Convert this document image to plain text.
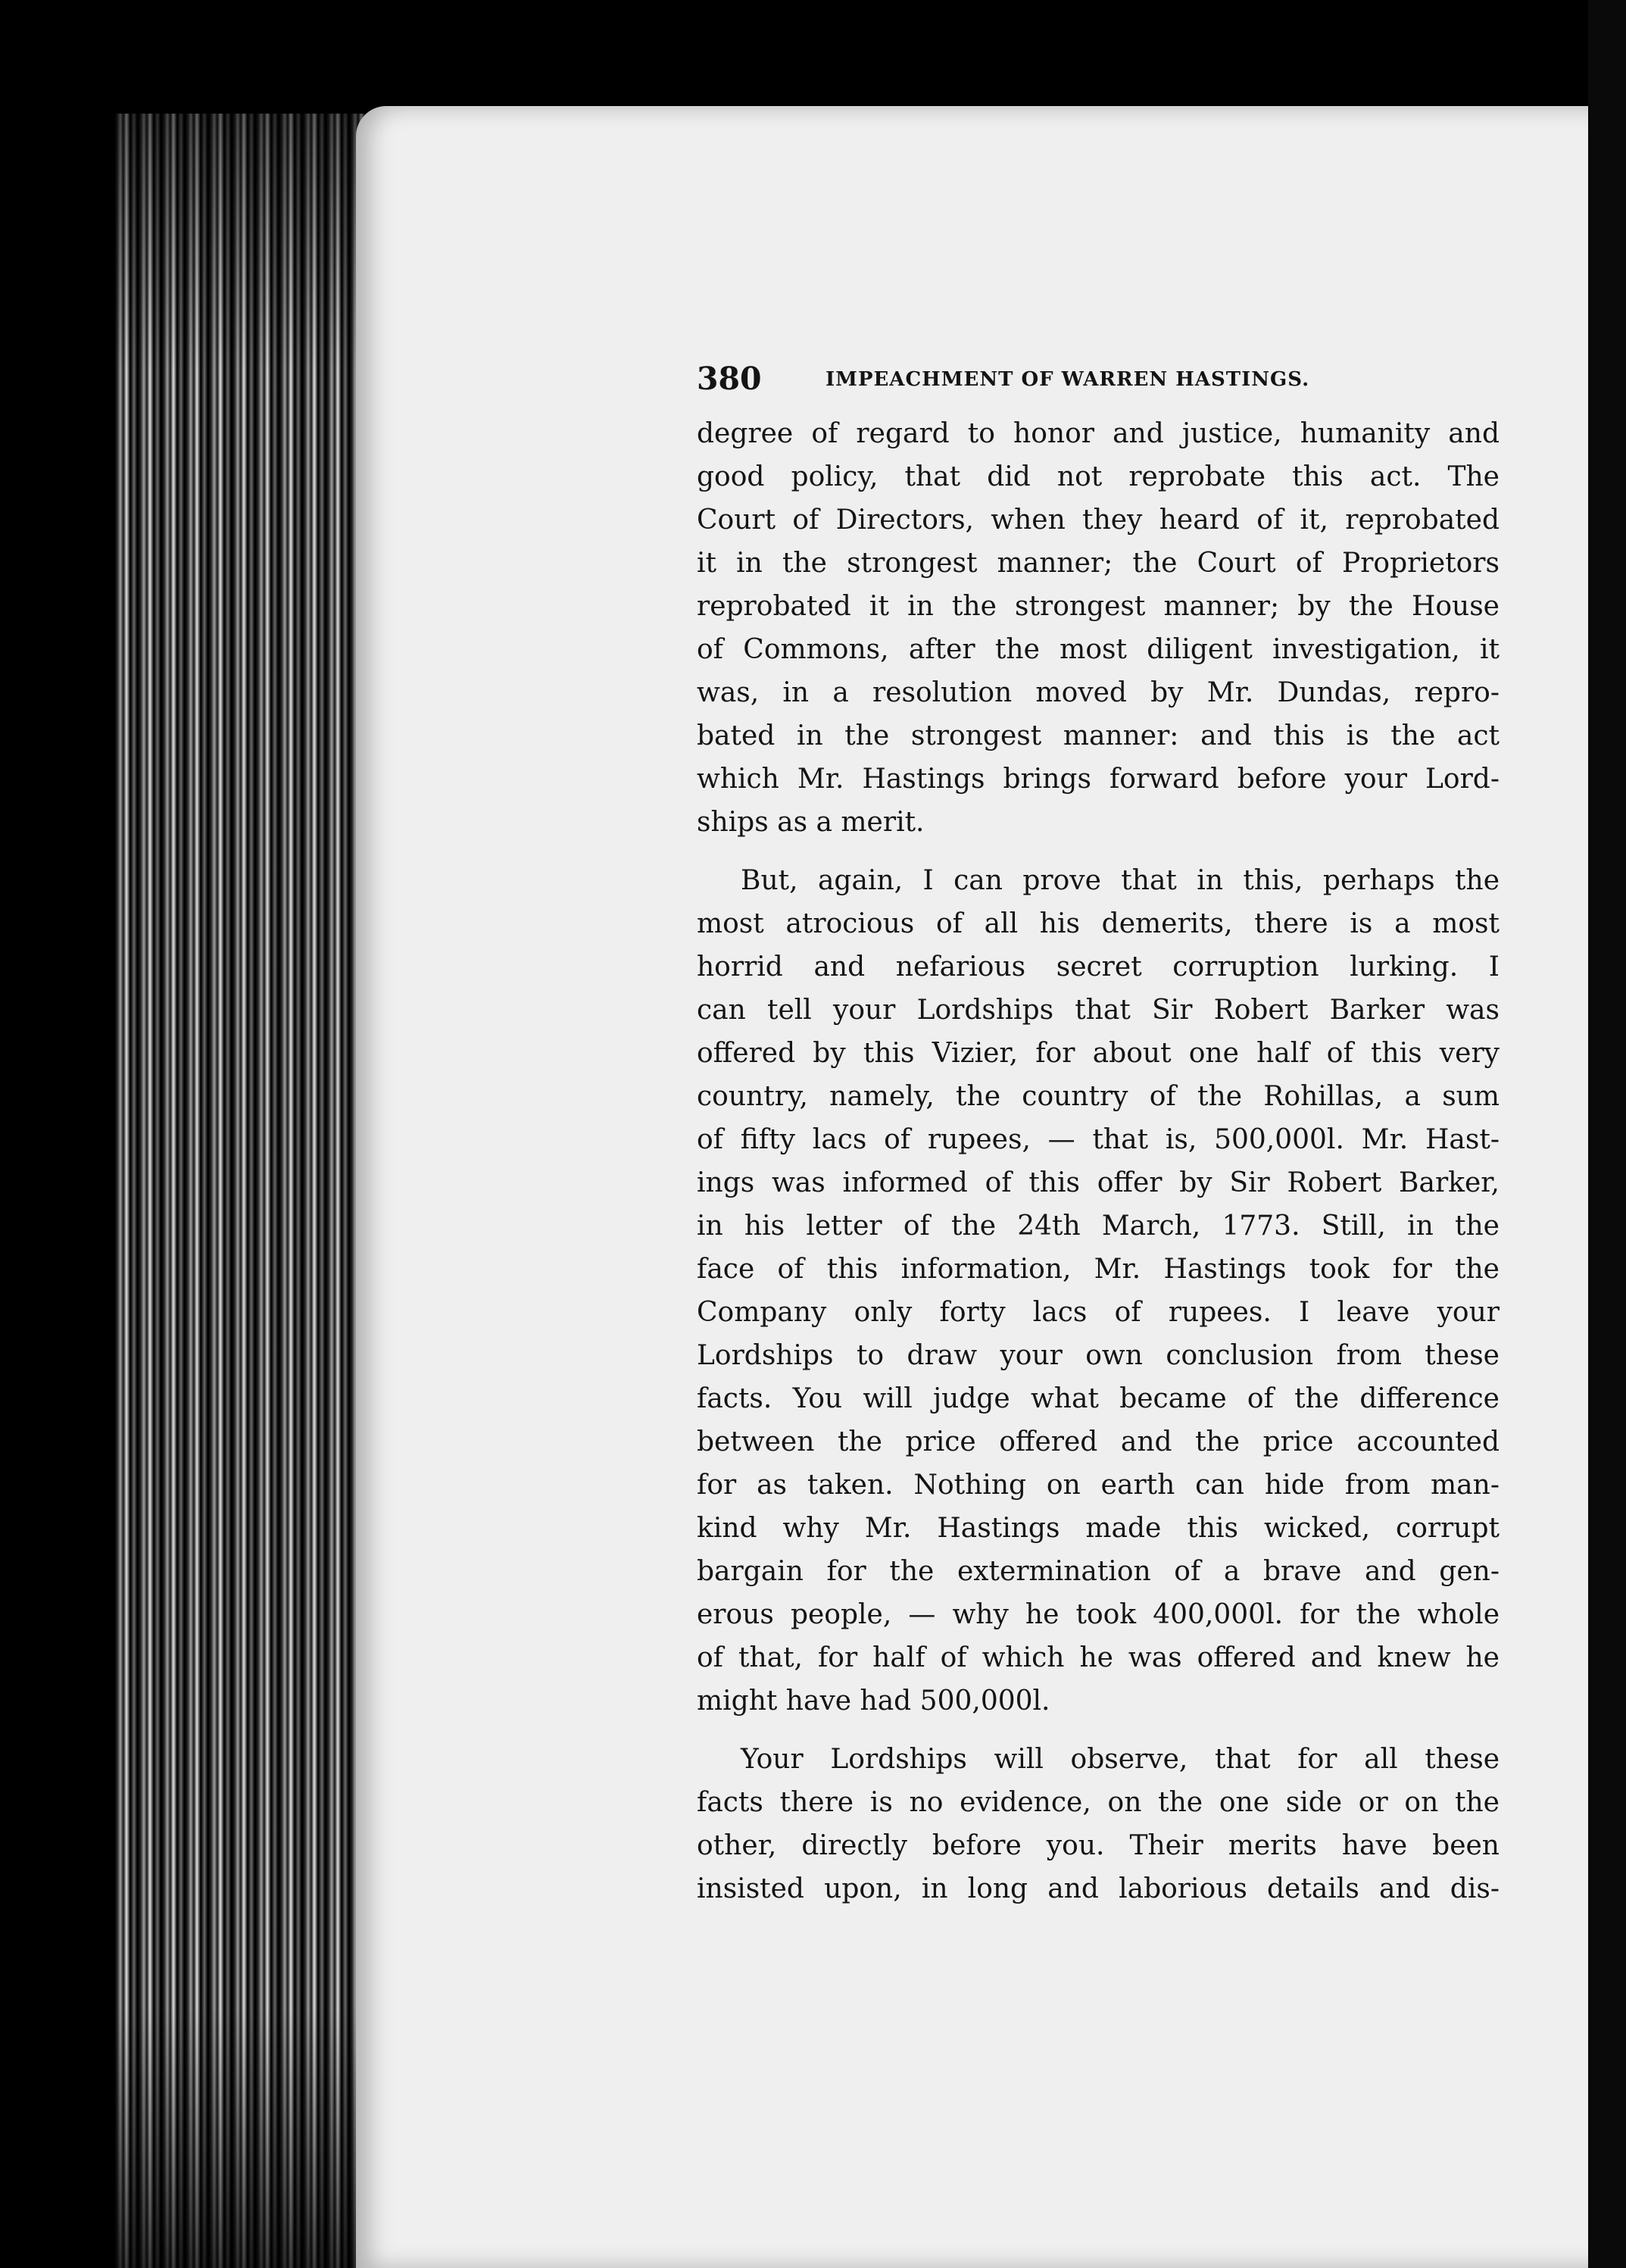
380	IMPEACHMENT OF WARREN HASTINGS.
degree of regard to honor and justice, humanity and
good policy, that did not reprobate this act. The
Court of Directors, when they heard of it, reprobated
it in the strongest manner; the Court of Proprietors
reprobated it in the strongest manner; by the House
of Commons, after the most diligent investigation, it
was, in a resolution moved by Mr. Dundas, repro-
bated in the strongest manner: and this is the act
which Mr. Hastings brings forward before your Lord-
ships as a merit.
But, again, I can prove that in this, perhaps the
most atrocious of all his demerits, there is a most
horrid and nefarious secret corruption lurking. I
can tell your Lordships that Sir Robert Barker was
offered by this Vizier, for about one half of this very
country, namely, the country of the Rohillas, a sum
of fifty lacs of rupees, — that is, 500,000l. Mr. Hast-
ings was informed of this offer by Sir Robert Barker,
in his letter of the 24th March, 1773. Still, in the
face of this information, Mr. Hastings took for the
Company only forty lacs of rupees. I leave your
Lordships to draw your own conclusion from these
facts. You will judge what became of the difference
between the price offered and the price accounted
for as taken. Nothing on earth can hide from man-
kind why Mr. Hastings made this wicked, corrupt
bargain for the extermination of a brave and gen-
erous people, — why he took 400,000l. for the whole
of that, for half of which he was offered and knew he
might have had 500,000l.
Your Lordships will observe, that for all these
facts there is no evidence, on the one side or on the
other, directly before you. Their merits have been
insisted upon, in long and laborious details and dis-
